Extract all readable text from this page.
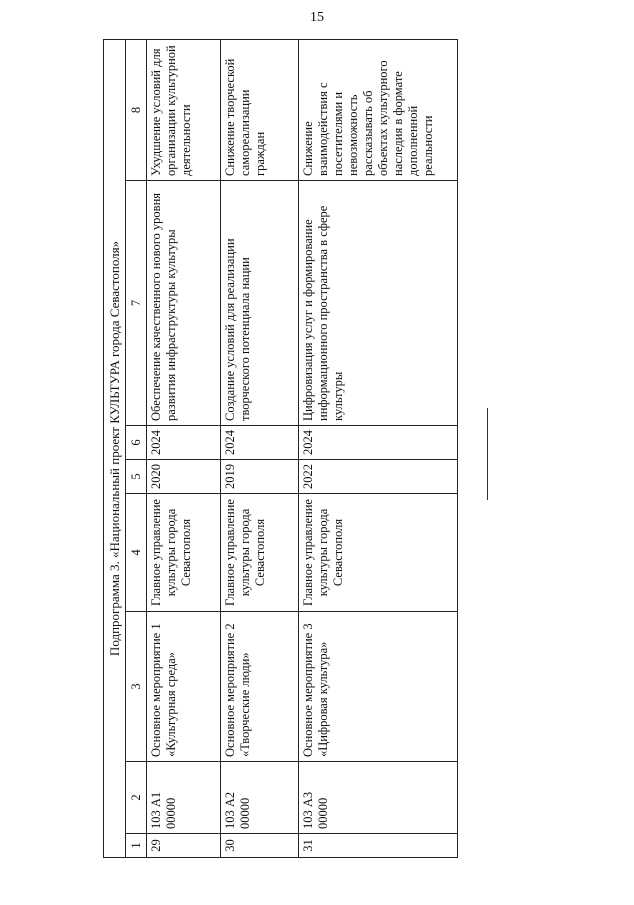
15
Подпрограмма 3. «Национальный проект КУЛЬТУРА города Севастополя»							
1	2	3	4	5	6	7	8
29	103 А1 00000	Основное мероприятие 1 «Культурная среда»	Главное управление культуры города Севастополя	2020	2024	Обеспечение качественного нового уровня развития инфраструктуры культуры	Ухудшение условий для организации культурной деятельности
30	103 А2 00000	Основное мероприятие 2 «Творческие люди»	Главное управление культуры города Севастополя	2019	2024	Создание условий для реализации творческого потенциала нации	Снижение творческой самореализации граждан
31	103 А3 00000	Основное мероприятие 3 «Цифровая культура»	Главное управление культуры города Севастополя	2022	2024	Цифровизация услуг и формирование информационного пространства в сфере культуры	Снижение взаимодействия с посетителями и невозможность рассказывать об объектах культурного наследия в формате дополненной реальности
